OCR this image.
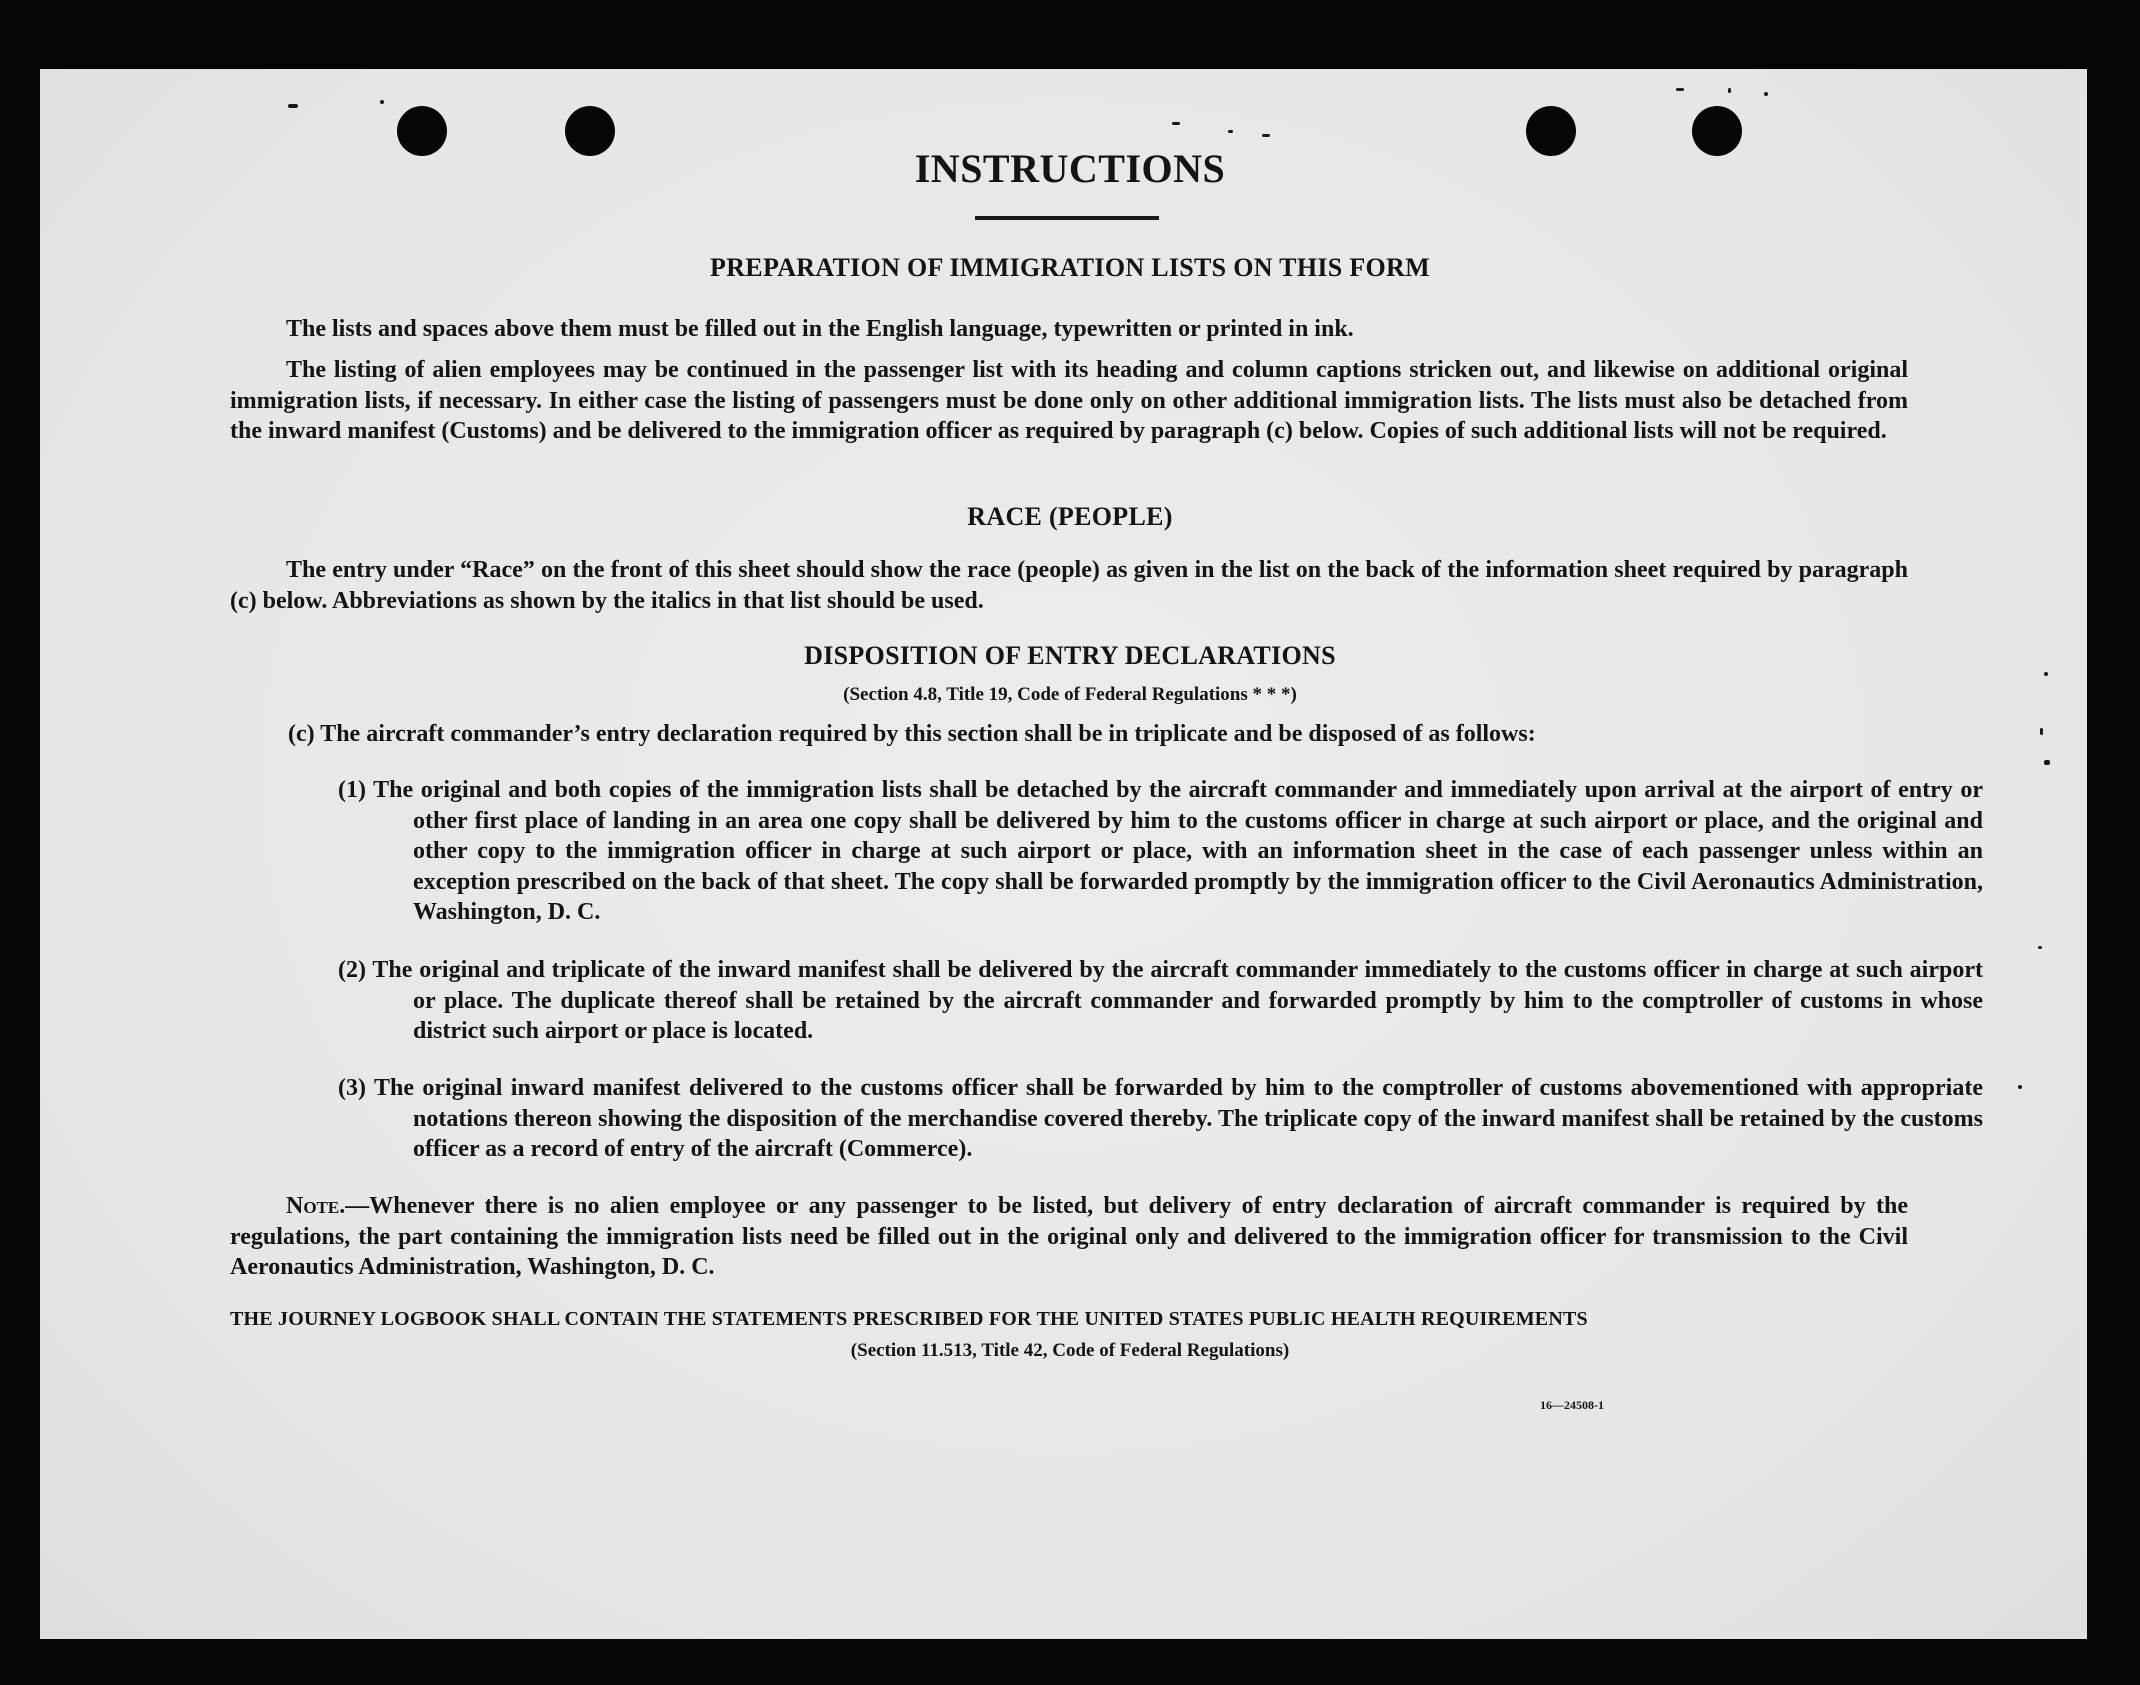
INSTRUCTIONS
PREPARATION OF IMMIGRATION LISTS ON THIS FORM

The lists and spaces above them must be filled out in the English language, typewritten or printed in ink.

The listing of alien employees may be continued in the passenger list with its heading and column captions stricken out, and likewise on additional original immigration lists, if necessary. In either case the listing of passengers must be done only on other additional immigration lists. The lists must also be detached from the inward manifest (Customs) and be delivered to the immigration officer as required by paragraph (c) below. Copies of such additional lists will not be required.

RACE (PEOPLE)

The entry under “Race” on the front of this sheet should show the race (people) as given in the list on the back of the information sheet required by paragraph (c) below. Abbreviations as shown by the italics in that list should be used.

DISPOSITION OF ENTRY DECLARATIONS

(Section 4.8, Title 19, Code of Federal Regulations * * *)

(c) The aircraft commander’s entry declaration required by this section shall be in triplicate and be disposed of as follows:

(1) The original and both copies of the immigration lists shall be detached by the aircraft commander and immediately upon arrival at the airport of entry or other first place of landing in an area one copy shall be delivered by him to the customs officer in charge at such airport or place, and the original and other copy to the immigration officer in charge at such airport or place, with an information sheet in the case of each passenger unless within an exception prescribed on the back of that sheet. The copy shall be forwarded promptly by the immigration officer to the Civil Aeronautics Administration, Washington, D. C.

(2) The original and triplicate of the inward manifest shall be delivered by the aircraft commander immediately to the customs officer in charge at such airport or place. The duplicate thereof shall be retained by the aircraft commander and forwarded promptly by him to the comptroller of customs in whose district such airport or place is located.

(3) The original inward manifest delivered to the customs officer shall be forwarded by him to the comptroller of customs abovementioned with appropriate notations thereon showing the disposition of the merchandise covered thereby. The triplicate copy of the inward manifest shall be retained by the customs officer as a record of entry of the aircraft (Commerce).

Note.—Whenever there is no alien employee or any passenger to be listed, but delivery of entry declaration of aircraft commander is required by the regulations, the part containing the immigration lists need be filled out in the original only and delivered to the immigration officer for transmission to the Civil Aeronautics Administration, Washington, D. C.

THE JOURNEY LOGBOOK SHALL CONTAIN THE STATEMENTS PRESCRIBED FOR THE UNITED STATES PUBLIC HEALTH REQUIREMENTS

(Section 11.513, Title 42, Code of Federal Regulations)

16—24508-1
